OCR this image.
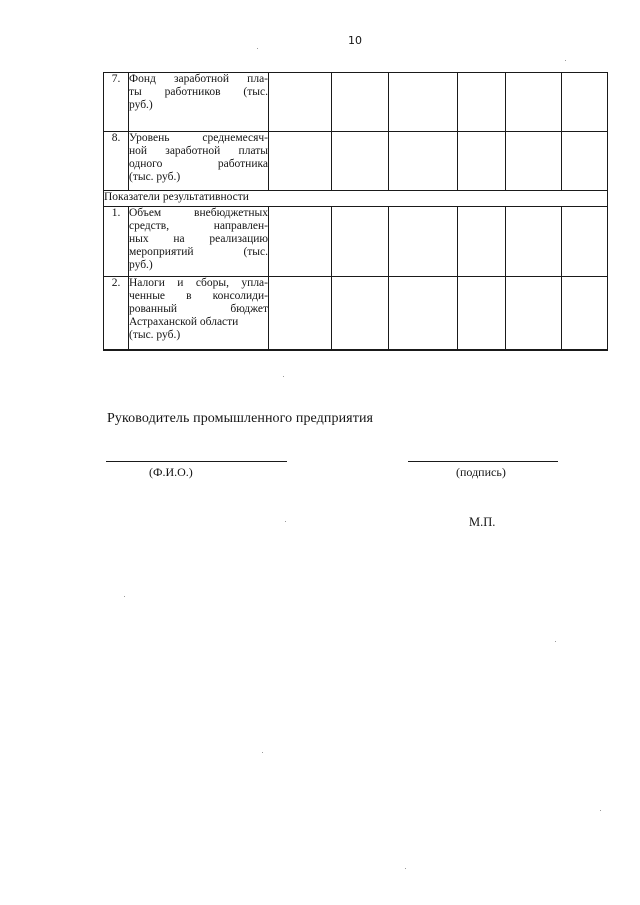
10
7.	Фонд заработной пла-
ты работников (тыс.
руб.)						

8.	Уровень среднемесяч-
ной заработной платы
одного работника
(тыс. руб.)						

Показатели результативности							
1.	Объем внебюджетных
средств, направлен-
ных на реализацию
мероприятий (тыс.
руб.)						

2.	Налоги и сборы, упла-
ченные в консолиди-
рованный бюджет
Астраханской области
(тыс. руб.)						

Руководитель промышленного предприятия
(Ф.И.О.)	(подпись)
М.П.
